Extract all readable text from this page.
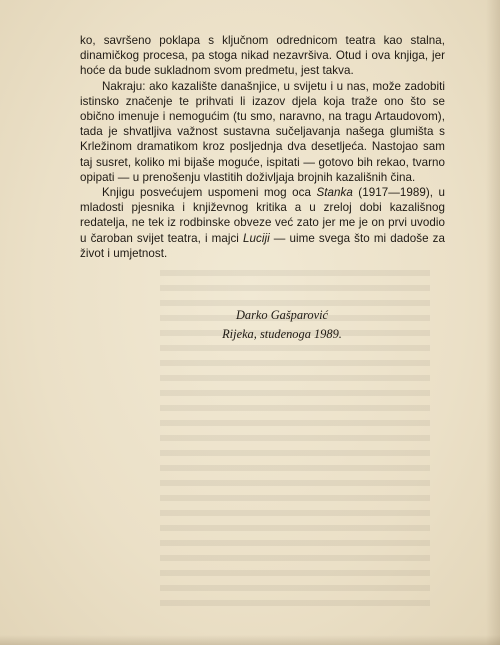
ko, savršeno poklapa s ključnom odrednicom teatra kao stalna, dinamičkog procesa, pa stoga nikad nezavršiva. Otud i ova knjiga, jer hoće da bude sukladnom svom predmetu, jest takva.

Nakraju: ako kazalište današnjice, u svijetu i u nas, može zadobiti istinsko značenje te prihvati li izazov djela koja traže ono što se obično imenuje i nemogućim (tu smo, naravno, na tragu Artaudovom), tada je shvatljiva važnost sustavna sučeljavanja našega glumišta s Krležinom dramatikom kroz posljednja dva desetljeća. Nastojao sam taj susret, koliko mi bijaše moguće, ispitati — gotovo bih rekao, tvarno opipati — u prenošenju vlastitih doživljaja brojnih kazališnih čina.

Knjigu posvećujem uspomeni mog oca Stanka (1917—1989), u mladosti pjesnika i književnog kritika a u zreloj dobi kazališnog redatelja, ne tek iz rodbinske obveze već zato jer me je on prvi uvodio u čaroban svijet teatra, i majci Luciji — uime svega što mi dadoše za život i umjetnost.

Darko Gašparović
Rijeka, studenoga 1989.
